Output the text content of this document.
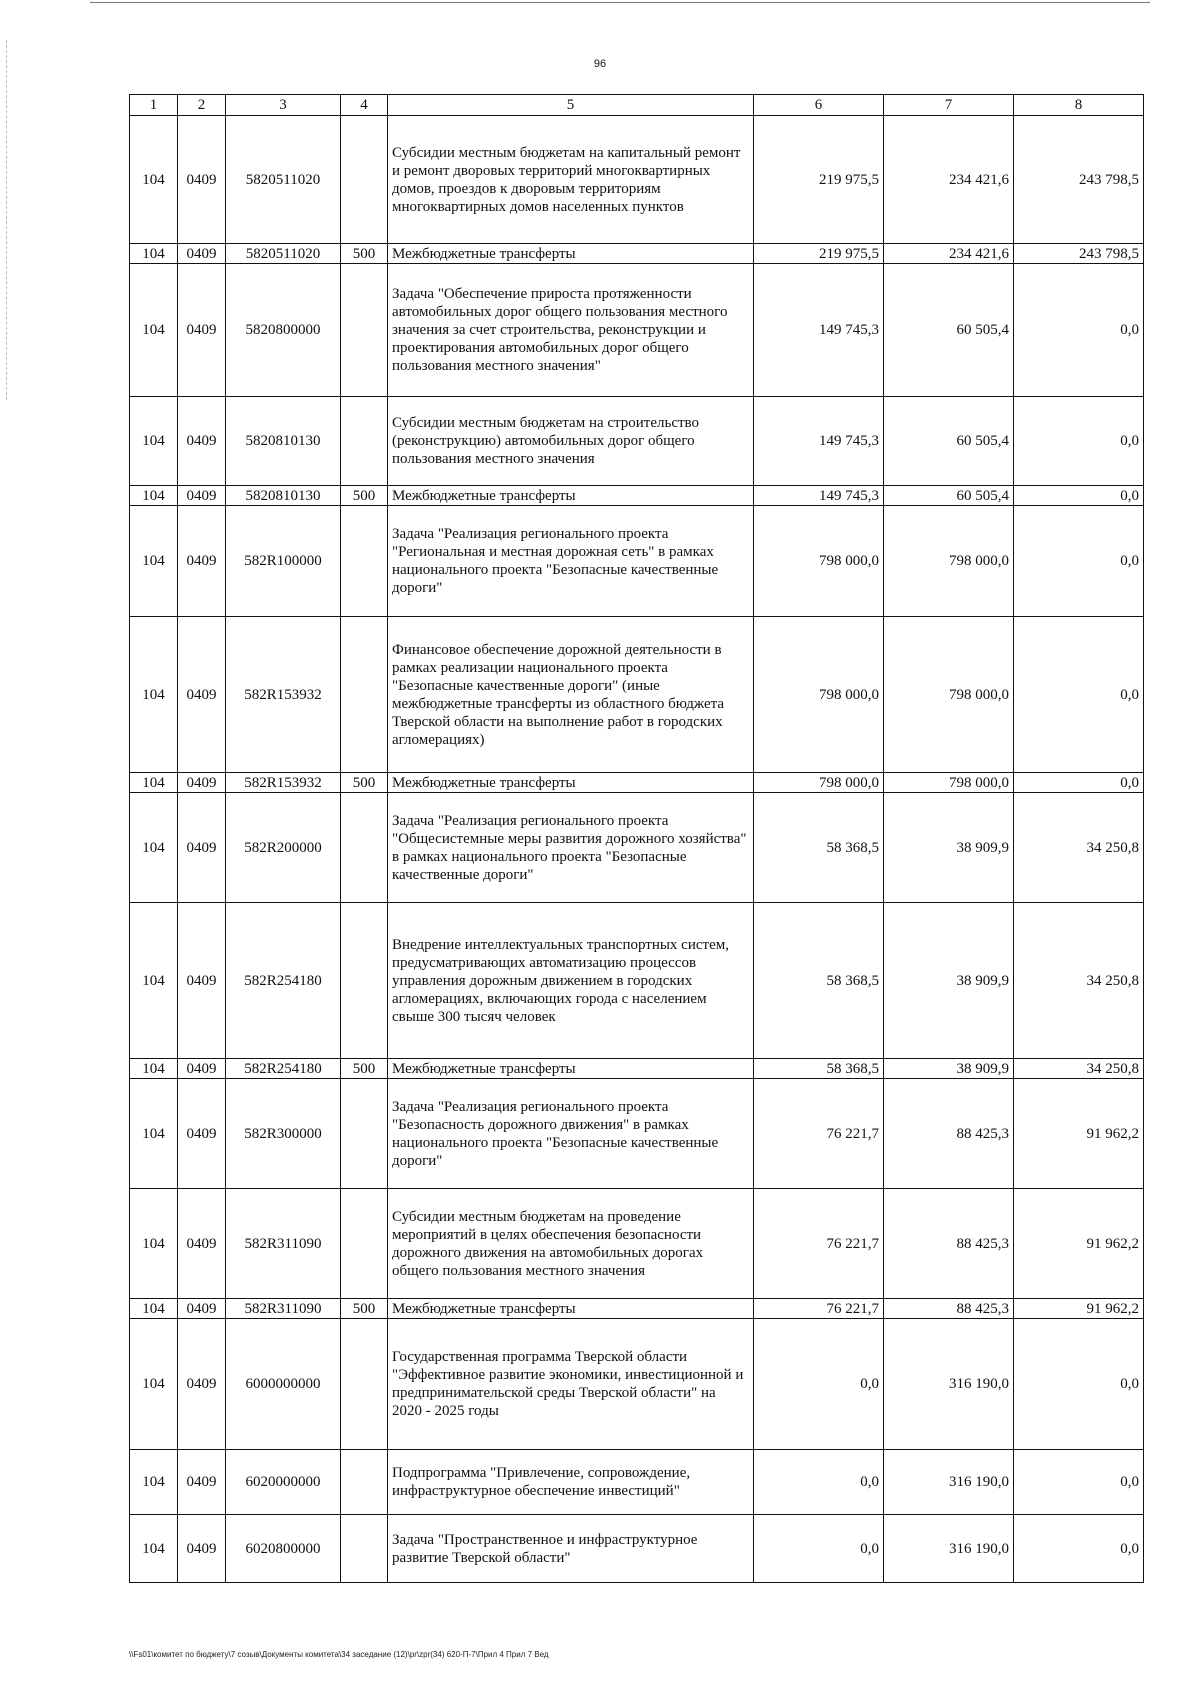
96
1	2	3	4	5	6	7	8
104	0409	5820511020		Субсидии местным бюджетам на капитальный ремонт и ремонт дворовых территорий многоквартирных домов, проездов к дворовым территориям многоквартирных домов населенных пунктов	219 975,5	234 421,6	243 798,5
104	0409	5820511020	500	Межбюджетные трансферты	219 975,5	234 421,6	243 798,5
104	0409	5820800000		Задача "Обеспечение прироста протяженности автомобильных дорог общего пользования местного значения за счет строительства, реконструкции и проектирования автомобильных дорог общего пользования местного значения"	149 745,3	60 505,4	0,0
104	0409	5820810130		Субсидии местным бюджетам на строительство (реконструкцию) автомобильных дорог общего пользования местного значения	149 745,3	60 505,4	0,0
104	0409	5820810130	500	Межбюджетные трансферты	149 745,3	60 505,4	0,0
104	0409	582R100000		Задача "Реализация регионального проекта "Региональная и местная дорожная сеть" в рамках национального проекта "Безопасные качественные дороги"	798 000,0	798 000,0	0,0
104	0409	582R153932		Финансовое обеспечение дорожной деятельности в рамках реализации национального проекта "Безопасные качественные дороги" (иные межбюджетные трансферты из областного бюджета Тверской области на выполнение работ в городских агломерациях)	798 000,0	798 000,0	0,0
104	0409	582R153932	500	Межбюджетные трансферты	798 000,0	798 000,0	0,0
104	0409	582R200000		Задача "Реализация регионального проекта "Общесистемные меры развития дорожного хозяйства" в рамках национального проекта "Безопасные качественные дороги"	58 368,5	38 909,9	34 250,8
104	0409	582R254180		Внедрение интеллектуальных транспортных систем, предусматривающих автоматизацию процессов управления дорожным движением в городских агломерациях, включающих города с населением свыше 300 тысяч человек	58 368,5	38 909,9	34 250,8
104	0409	582R254180	500	Межбюджетные трансферты	58 368,5	38 909,9	34 250,8
104	0409	582R300000		Задача "Реализация регионального проекта "Безопасность дорожного движения" в рамках национального проекта "Безопасные качественные дороги"	76 221,7	88 425,3	91 962,2
104	0409	582R311090		Субсидии местным бюджетам на проведение мероприятий в целях обеспечения безопасности дорожного движения на автомобильных дорогах общего пользования местного значения	76 221,7	88 425,3	91 962,2
104	0409	582R311090	500	Межбюджетные трансферты	76 221,7	88 425,3	91 962,2
104	0409	6000000000		Государственная программа Тверской области "Эффективное развитие экономики, инвестиционной и предпринимательской среды Тверской области" на 2020 - 2025 годы	0,0	316 190,0	0,0
104	0409	6020000000		Подпрограмма "Привлечение, сопровождение, инфраструктурное обеспечение инвестиций"	0,0	316 190,0	0,0
104	0409	6020800000		Задача "Пространственное и инфраструктурное развитие Тверской области"	0,0	316 190,0	0,0
\\Fs01\комитет по бюджету\7 созыв\Документы комитета\34 заседание (12)\pr\zpr(34) 620-П-7\Прил 4 Прил 7 Вед
